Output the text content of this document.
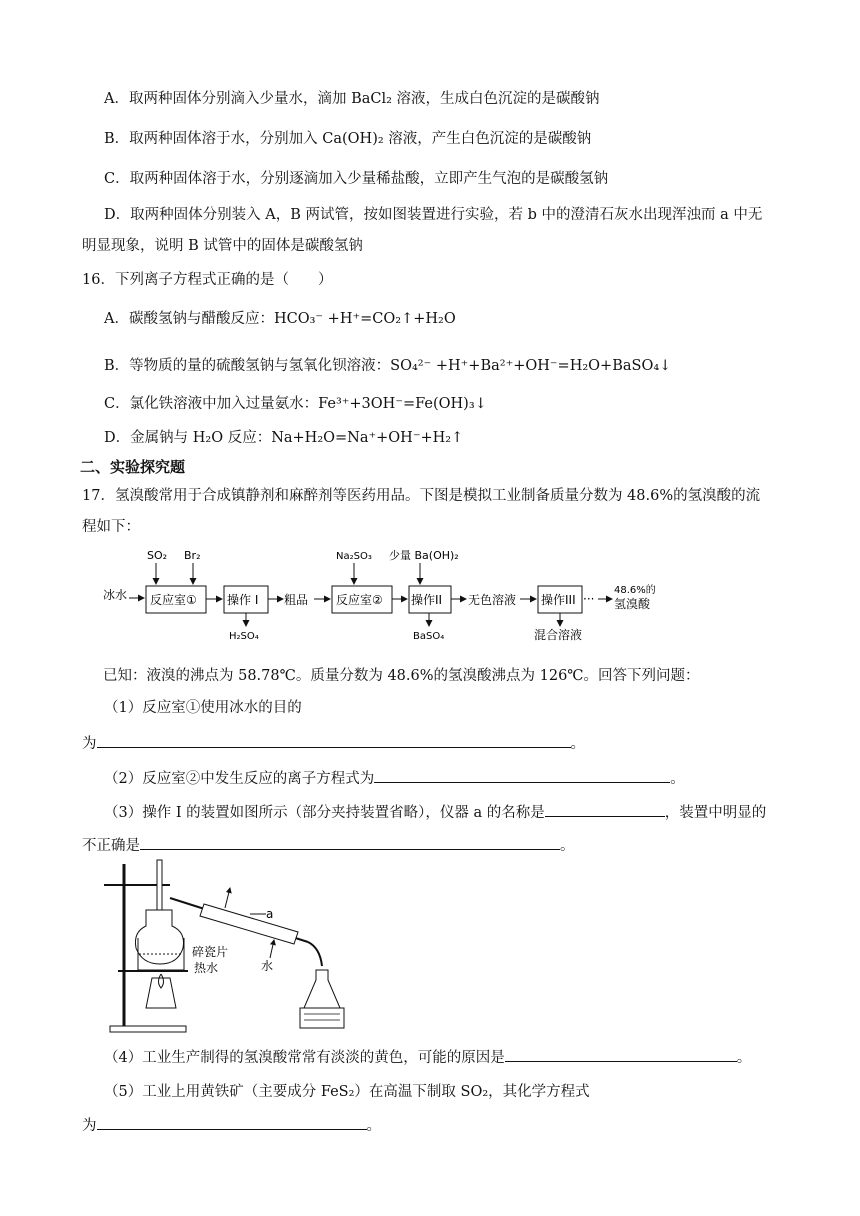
A．取两种固体分别滴入少量水，滴加 BaCl₂ 溶液，生成白色沉淀的是碳酸钠
B．取两种固体溶于水，分别加入 Ca(OH)₂ 溶液，产生白色沉淀的是碳酸钠
C．取两种固体溶于水，分别逐滴加入少量稀盐酸，立即产生气泡的是碳酸氢钠
D．取两种固体分别装入 A，B 两试管，按如图装置进行实验，若 b 中的澄清石灰水出现浑浊而 a 中无
明显现象，说明 B 试管中的固体是碳酸氢钠
16．下列离子方程式正确的是（　　）
A．碳酸氢钠与醋酸反应：HCO₃⁻ +H⁺=CO₂↑+H₂O
B．等物质的量的硫酸氢钠与氢氧化钡溶液：SO₄²⁻ +H⁺+Ba²⁺+OH⁻=H₂O+BaSO₄↓
C．氯化铁溶液中加入过量氨水：Fe³⁺+3OH⁻=Fe(OH)₃↓
D．金属钠与 H₂O 反应：Na+H₂O=Na⁺+OH⁻+H₂↑
二、实验探究题
17．氢溴酸常用于合成镇静剂和麻醉剂等医药用品。下图是模拟工业制备质量分数为 48.6%的氢溴酸的流
程如下：
冰水
SO₂ Br₂
反应室①	操作 I
H₂SO₄
粗品
Na₂SO₃ 少量 Ba(OH)₂
反应室② 操作II
BaSO₄
无色溶液 操作III ···
混合溶液
48.6%的
氢溴酸
已知：液溴的沸点为 58.78℃。质量分数为 48.6%的氢溴酸沸点为 126℃。回答下列问题：
（1）反应室①使用冰水的目的
为	。
（2）反应室②中发生反应的离子方程式为	。
（3）操作 I 的装置如图所示（部分夹持装置省略），仪器 a 的名称是	，装置中明显的
不正确是	。
a
碎瓷片
热水	水
（4）工业生产制得的氢溴酸常常有淡淡的黄色，可能的原因是	。
（5）工业上用黄铁矿（主要成分 FeS₂）在高温下制取 SO₂，其化学方程式
为	。
